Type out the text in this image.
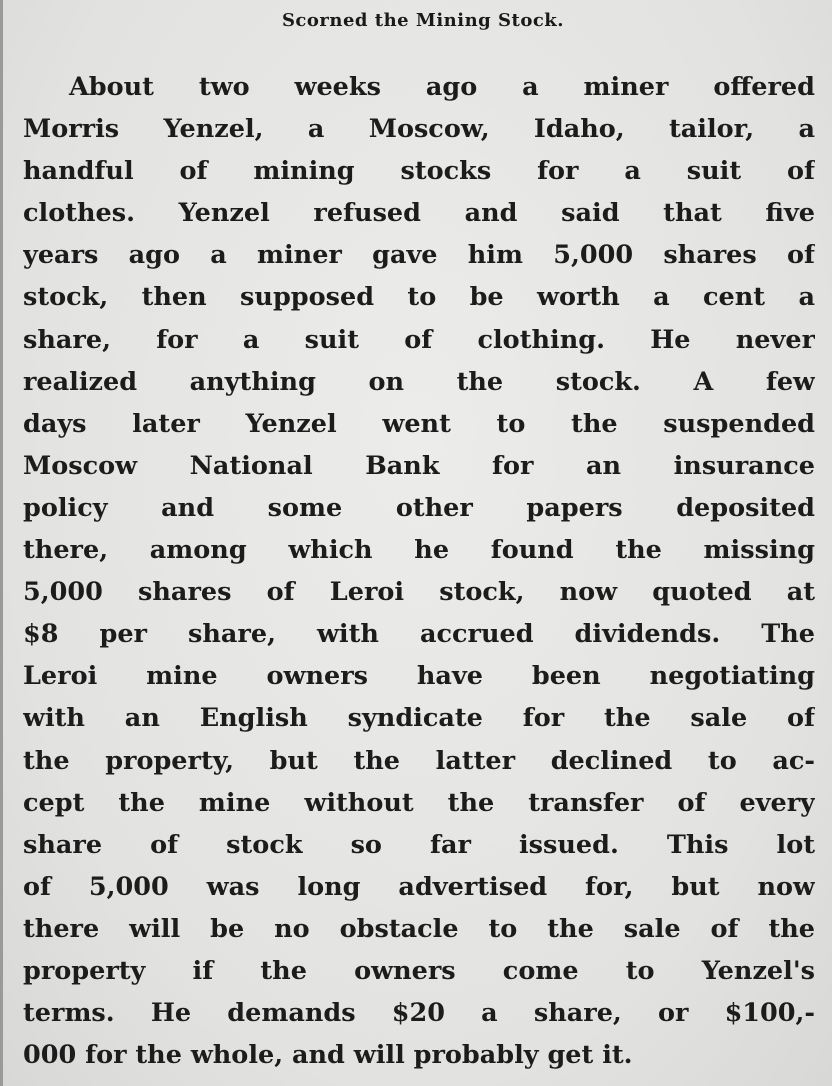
Scorned the Mining Stock.
About two weeks ago a miner offered
Morris Yenzel, a Moscow, Idaho, tailor, a
handful of mining stocks for a suit of
clothes. Yenzel refused and said that five
years ago a miner gave him 5,000 shares of
stock, then supposed to be worth a cent a
share, for a suit of clothing. He never
realized anything on the stock. A few
days later Yenzel went to the suspended
Moscow National Bank for an insurance
policy and some other papers deposited
there, among which he found the missing
5,000 shares of Leroi stock, now quoted at
$8 per share, with accrued dividends. The
Leroi mine owners have been negotiating
with an English syndicate for the sale of
the property, but the latter declined to ac-
cept the mine without the transfer of every
share of stock so far issued. This lot
of 5,000 was long advertised for, but now
there will be no obstacle to the sale of the
property if the owners come to Yenzel's
terms. He demands $20 a share, or $100,-
000 for the whole, and will probably get it.
